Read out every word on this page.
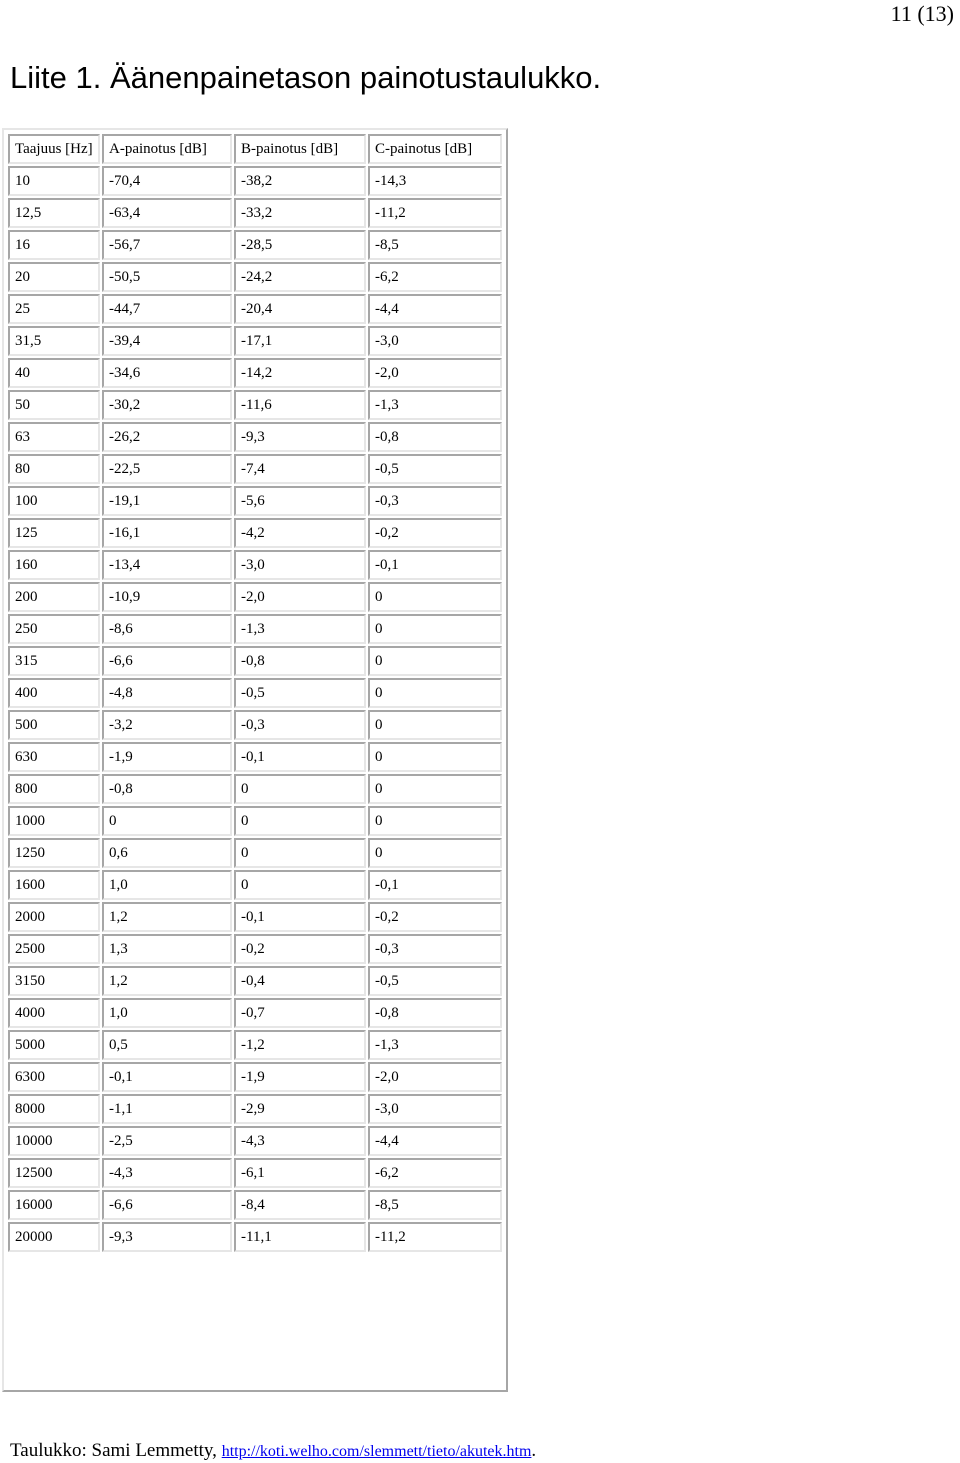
11 (13)
Liite 1. Äänenpainetason painotustaulukko.
Taajuus [Hz]	A-painotus [dB]	B-painotus [dB]	C-painotus [dB]
10	-70,4	-38,2	-14,3
12,5	-63,4	-33,2	-11,2
16	-56,7	-28,5	-8,5
20	-50,5	-24,2	-6,2
25	-44,7	-20,4	-4,4
31,5	-39,4	-17,1	-3,0
40	-34,6	-14,2	-2,0
50	-30,2	-11,6	-1,3
63	-26,2	-9,3	-0,8
80	-22,5	-7,4	-0,5
100	-19,1	-5,6	-0,3
125	-16,1	-4,2	-0,2
160	-13,4	-3,0	-0,1
200	-10,9	-2,0	0
250	-8,6	-1,3	0
315	-6,6	-0,8	0
400	-4,8	-0,5	0
500	-3,2	-0,3	0
630	-1,9	-0,1	0
800	-0,8	0	0
1000	0	0	0
1250	0,6	0	0
1600	1,0	0	-0,1
2000	1,2	-0,1	-0,2
2500	1,3	-0,2	-0,3
3150	1,2	-0,4	-0,5
4000	1,0	-0,7	-0,8
5000	0,5	-1,2	-1,3
6300	-0,1	-1,9	-2,0
8000	-1,1	-2,9	-3,0
10000	-2,5	-4,3	-4,4
12500	-4,3	-6,1	-6,2
16000	-6,6	-8,4	-8,5
20000	-9,3	-11,1	-11,2
Taulukko: Sami Lemmetty, http://koti.welho.com/slemmett/tieto/akutek.htm.
